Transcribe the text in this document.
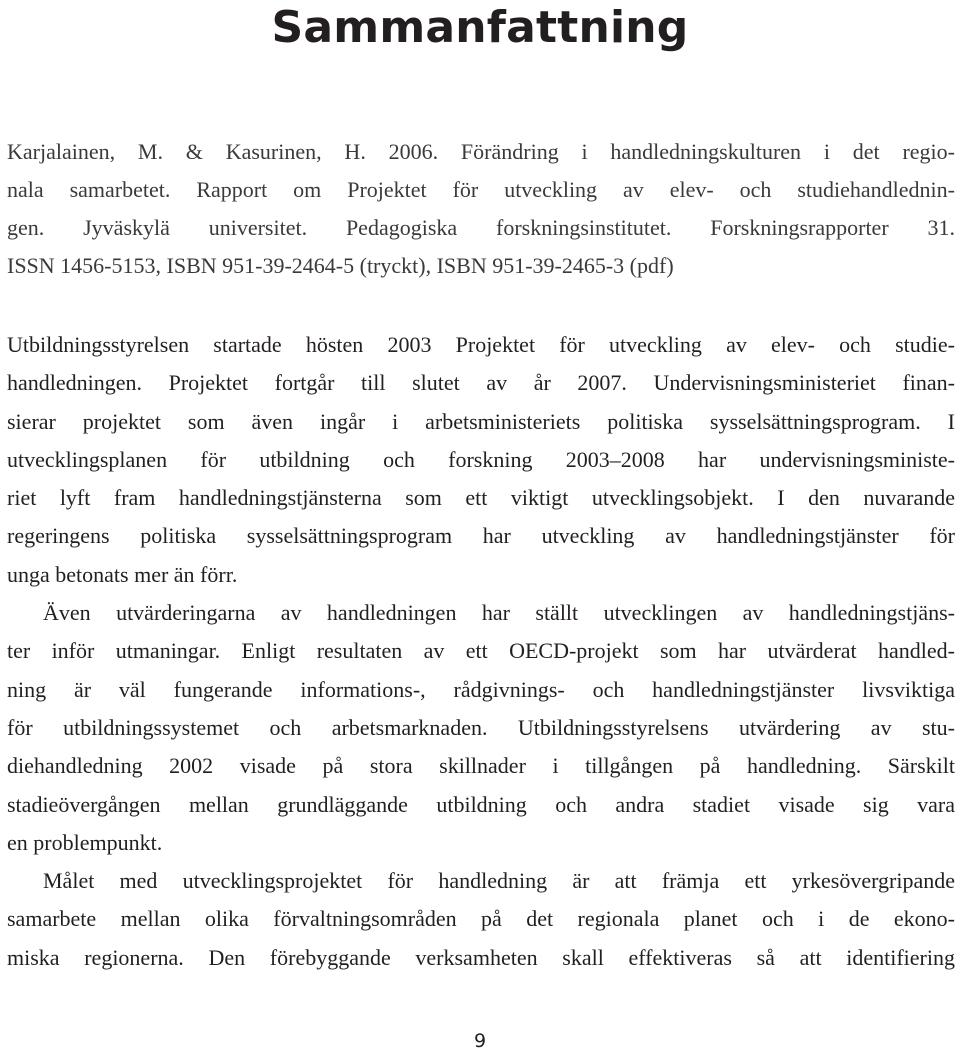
Sammanfattning
Karjalainen, M. & Kasurinen, H. 2006. Förändring i handledningskulturen i det regio-
nala samarbetet. Rapport om Projektet för utveckling av elev- och studiehandlednin-
gen. Jyväskylä universitet. Pedagogiska forskningsinstitutet. Forskningsrapporter 31.
ISSN 1456-5153, ISBN 951-39-2464-5 (tryckt), ISBN 951-39-2465-3 (pdf)
Utbildningsstyrelsen startade hösten 2003 Projektet för utveckling av elev- och studie-
handledningen. Projektet fortgår till slutet av år 2007. Undervisningsministeriet finan-
sierar projektet som även ingår i arbetsministeriets politiska sysselsättningsprogram. I
utvecklingsplanen för utbildning och forskning 2003–2008 har undervisningsministe-
riet lyft fram handledningstjänsterna som ett viktigt utvecklingsobjekt. I den nuvarande
regeringens politiska sysselsättningsprogram har utveckling av handledningstjänster för
unga betonats mer än förr.
Även utvärderingarna av handledningen har ställt utvecklingen av handledningstjäns-
ter inför utmaningar. Enligt resultaten av ett OECD-projekt som har utvärderat handled-
ning är väl fungerande informations-, rådgivnings- och handledningstjänster livsviktiga
för utbildningssystemet och arbetsmarknaden. Utbildningsstyrelsens utvärdering av stu-
diehandledning 2002 visade på stora skillnader i tillgången på handledning. Särskilt
stadieövergången mellan grundläggande utbildning och andra stadiet visade sig vara
en problempunkt.
Målet med utvecklingsprojektet för handledning är att främja ett yrkesövergripande
samarbete mellan olika förvaltningsområden på det regionala planet och i de ekono-
miska regionerna. Den förebyggande verksamheten skall effektiveras så att identifiering
9
